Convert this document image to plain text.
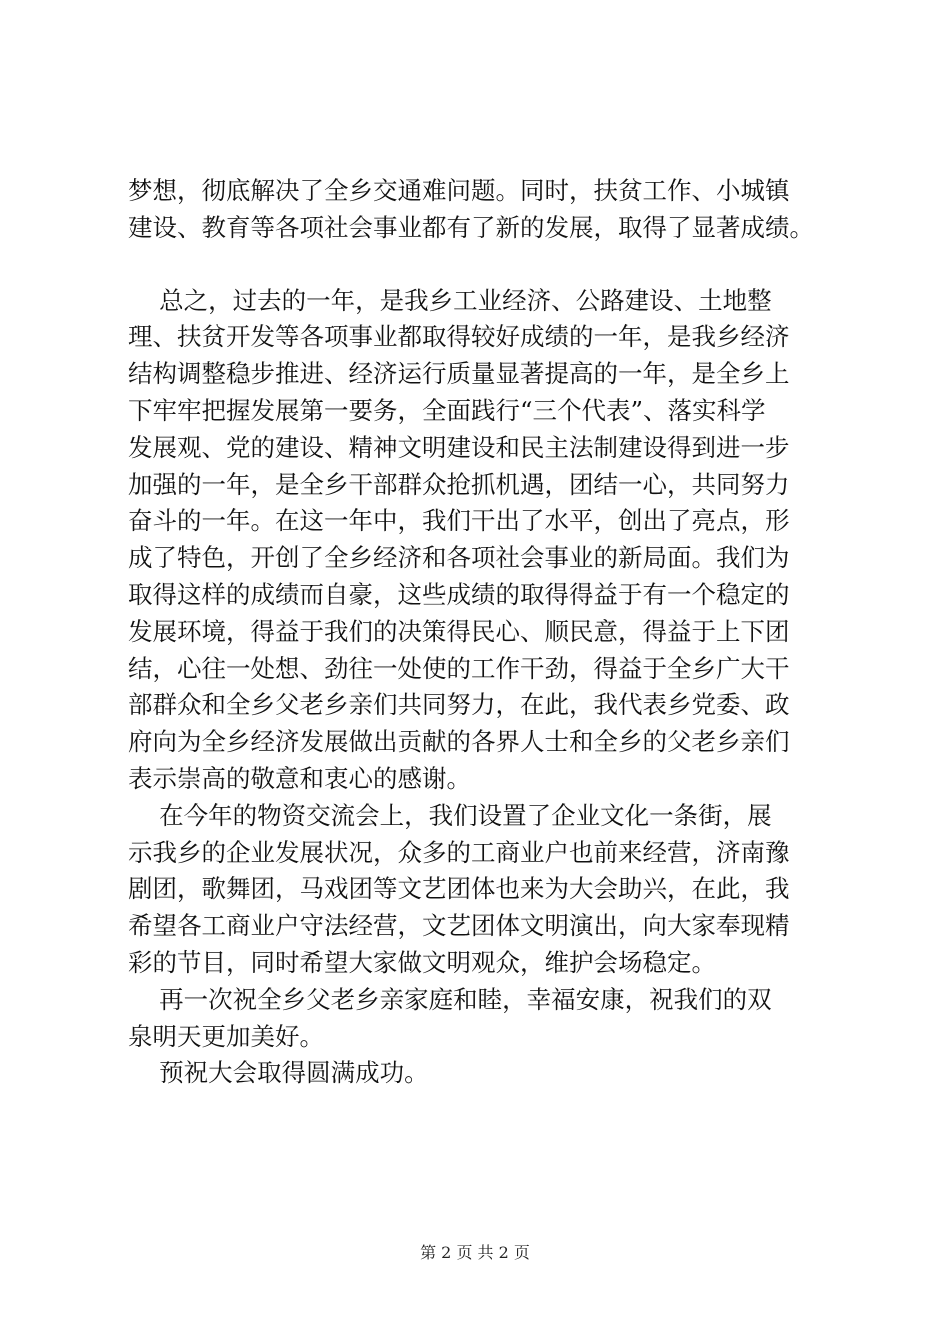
梦想，彻底解决了全乡交通难问题。同时，扶贫工作、小城镇
建设、教育等各项社会事业都有了新的发展，取得了显著成绩。
总之，过去的一年，是我乡工业经济、公路建设、土地整
理、扶贫开发等各项事业都取得较好成绩的一年，是我乡经济
结构调整稳步推进、经济运行质量显著提高的一年，是全乡上
下牢牢把握发展第一要务，全面践行“三个代表”、落实科学
发展观、党的建设、精神文明建设和民主法制建设得到进一步
加强的一年，是全乡干部群众抢抓机遇，团结一心，共同努力
奋斗的一年。在这一年中，我们干出了水平，创出了亮点，形
成了特色，开创了全乡经济和各项社会事业的新局面。我们为
取得这样的成绩而自豪，这些成绩的取得得益于有一个稳定的
发展环境，得益于我们的决策得民心、顺民意，得益于上下团
结，心往一处想、劲往一处使的工作干劲，得益于全乡广大干
部群众和全乡父老乡亲们共同努力，在此，我代表乡党委、政
府向为全乡经济发展做出贡献的各界人士和全乡的父老乡亲们
表示崇高的敬意和衷心的感谢。
在今年的物资交流会上，我们设置了企业文化一条街，展
示我乡的企业发展状况，众多的工商业户也前来经营，济南豫
剧团，歌舞团，马戏团等文艺团体也来为大会助兴，在此，我
希望各工商业户守法经营，文艺团体文明演出，向大家奉现精
彩的节目，同时希望大家做文明观众，维护会场稳定。
再一次祝全乡父老乡亲家庭和睦，幸福安康，祝我们的双
泉明天更加美好。
预祝大会取得圆满成功。
第 2 页 共 2 页
